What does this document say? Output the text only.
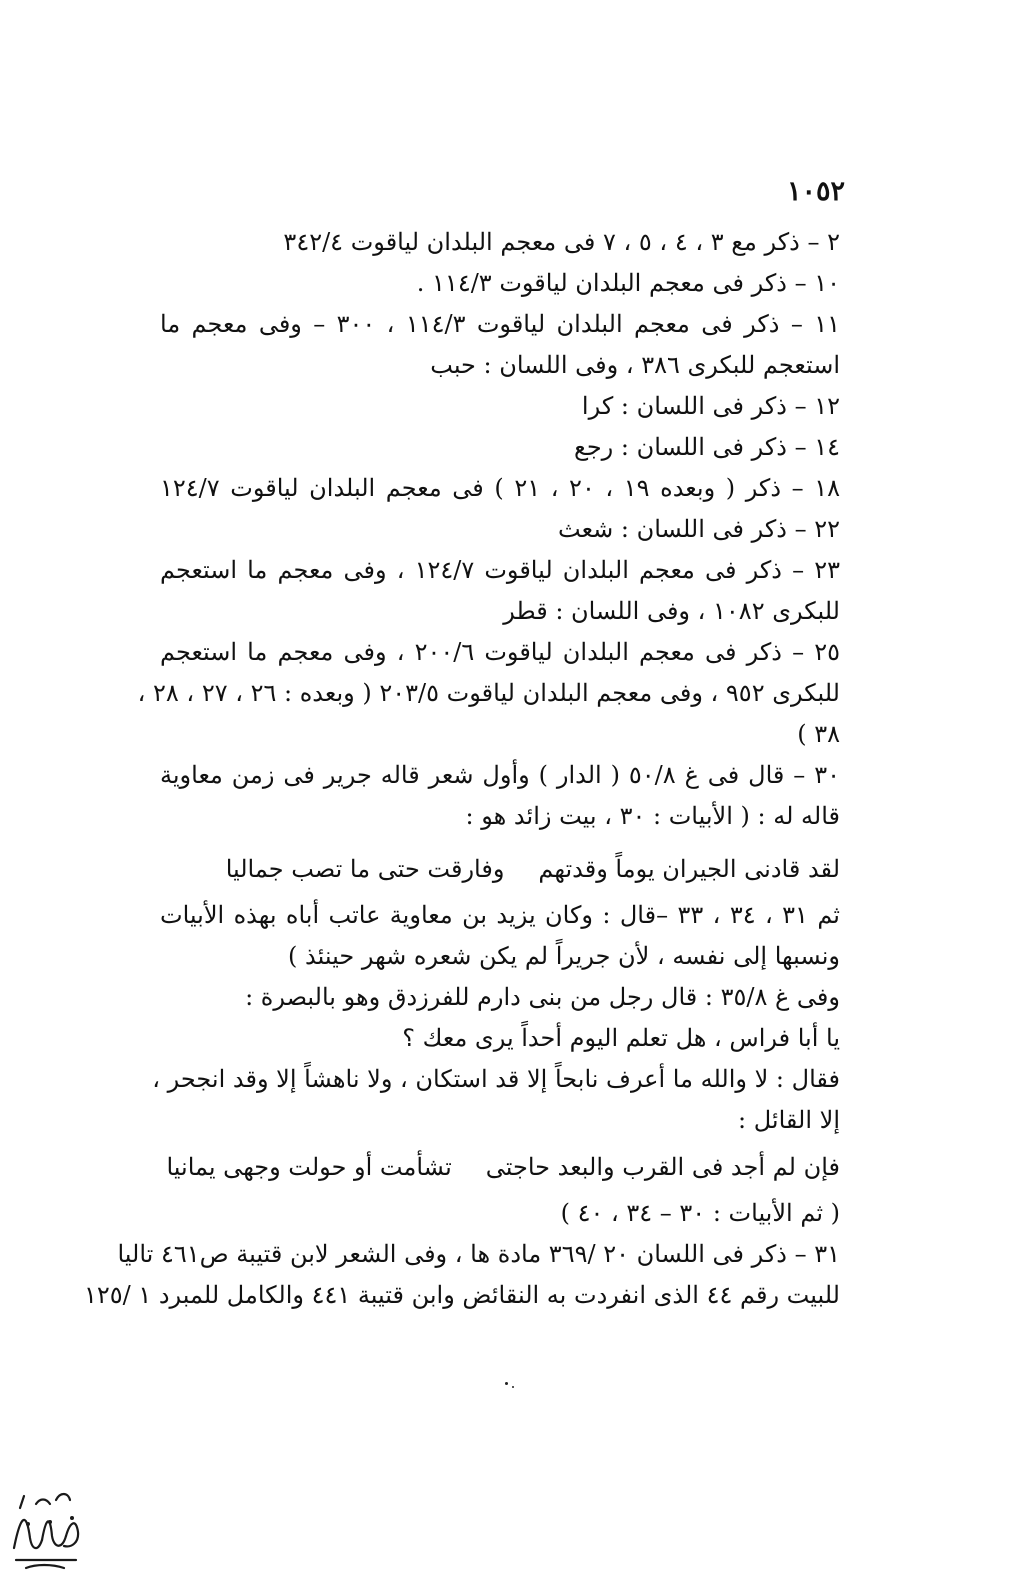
١٠٥٢

٢ – ذكر مع ٣ ، ٤ ، ٥ ، ٧ فى معجم البلدان لياقوت ٣٤٢/٤

١٠ – ذكر فى معجم البلدان لياقوت ١١٤/٣ .

١١ – ذكر فى معجم البلدان لياقوت ١١٤/٣ ، ٣٠٠ – وفى معجم ما

استعجم للبكرى ٣٨٦ ، وفى اللسان : حبب

١٢ – ذكر فى اللسان : كرا

١٤ – ذكر فى اللسان : رجع

١٨ – ذكر ( وبعده ١٩ ، ٢٠ ، ٢١ ) فى معجم البلدان لياقوت ١٢٤/٧

٢٢ – ذكر فى اللسان : شعث

٢٣ – ذكر فى معجم البلدان لياقوت ١٢٤/٧ ، وفى معجم ما استعجم

للبكرى ١٠٨٢ ، وفى اللسان : قطر

٢٥ – ذكر فى معجم البلدان لياقوت ٢٠٠/٦ ، وفى معجم ما استعجم

للبكرى ٩٥٢ ، وفى معجم البلدان لياقوت ٢٠٣/٥ ( وبعده : ٢٦ ، ٢٧ ، ٢٨ ،

٣٨ )

٣٠ – قال فى غ ٥٠/٨ ( الدار ) وأول شعر قاله جرير فى زمن معاوية

قاله له : ( الأبيات : ٣٠ ، بيت زائد هو :

لقد قادنى الجيران يوماً وقدتهم
وفارقت حتى ما تصب جماليا

ثم ٣١ ، ٣٤ ، ٣٣ –قال : وكان يزيد بن معاوية عاتب أباه بهذه الأبيات

ونسبها إلى نفسه ، لأن جريراً لم يكن شعره شهر حينئذ )

وفى غ ٣٥/٨ : قال رجل من بنى دارم للفرزدق وهو بالبصرة :

يا أبا فراس ، هل تعلم اليوم أحداً يرى معك ؟

فقال : لا والله ما أعرف نابحاً إلا قد استكان ، ولا ناهشاً إلا وقد انجحر ،

إلا القائل :

فإن لم أجد فى القرب والبعد حاجتى
تشأمت أو حولت وجهى يمانيا

( ثم الأبيات : ٣٠ – ٣٤ ، ٤٠ )

٣١ – ذكر فى اللسان ٢٠ /٣٦٩ مادة ها ، وفى الشعر لابن قتيبة ص٤٦١ تاليا

للبيت رقم ٤٤ الذى انفردت به النقائض وابن قتيبة ٤٤١ والكامل للمبرد ١ /١٢٥
